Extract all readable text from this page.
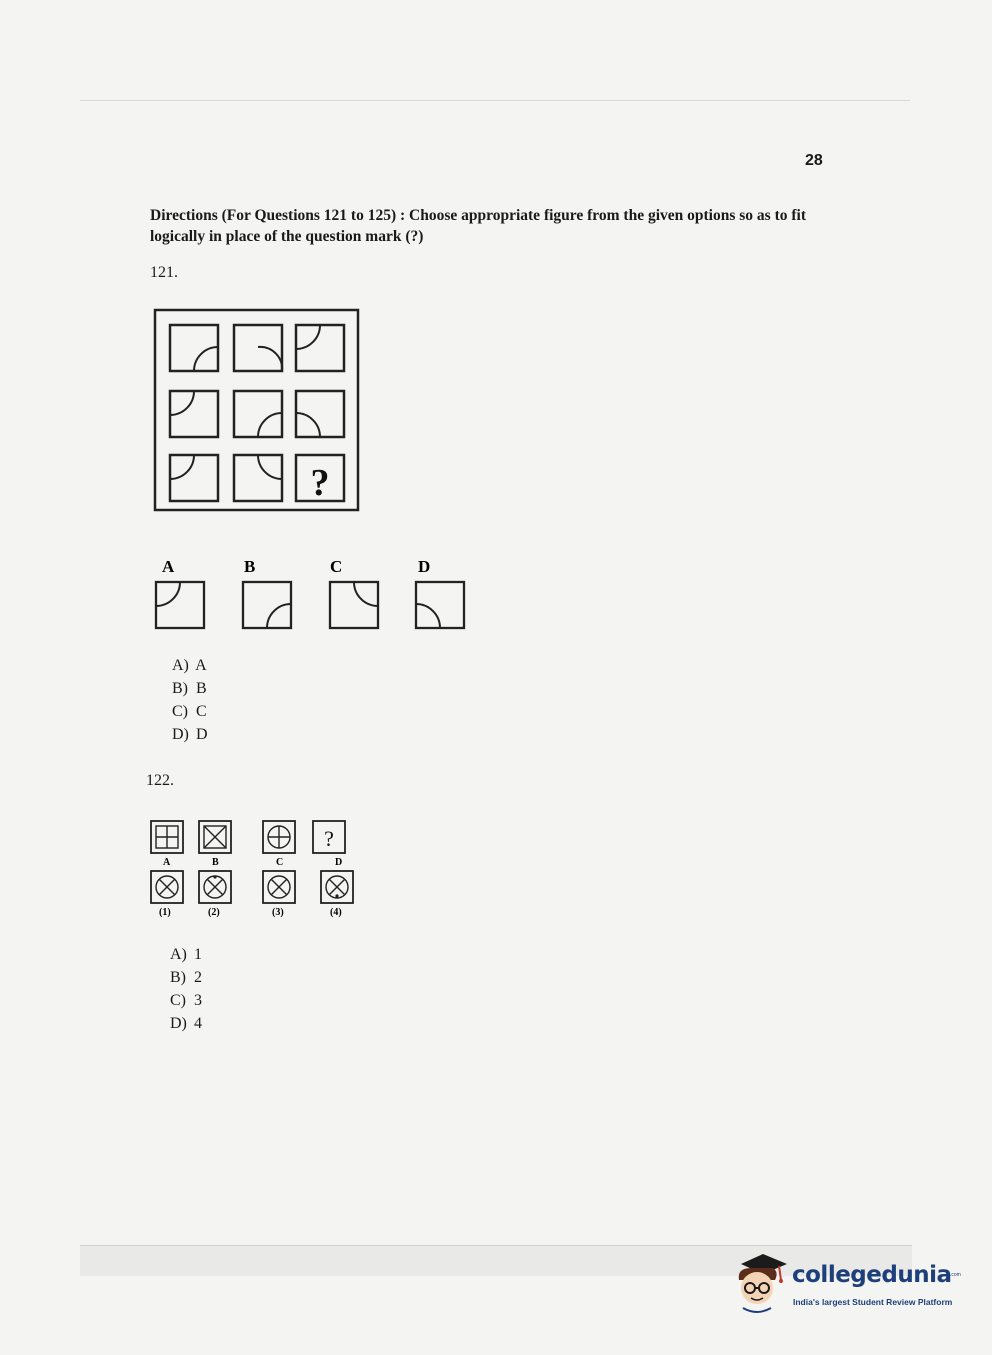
28
Directions (For Questions 121 to 125) : Choose appropriate figure from the given options so as to fit logically in place of the question mark (?)
121.
?
A	B	C	D
A) A
B) B
C) C
D) D
122.
?
A	B	C	D
(1)	(2)	(3)	(4)
A) 1
B) 2
C) 3
D) 4
collegedunia
.com
India's largest Student Review Platform
